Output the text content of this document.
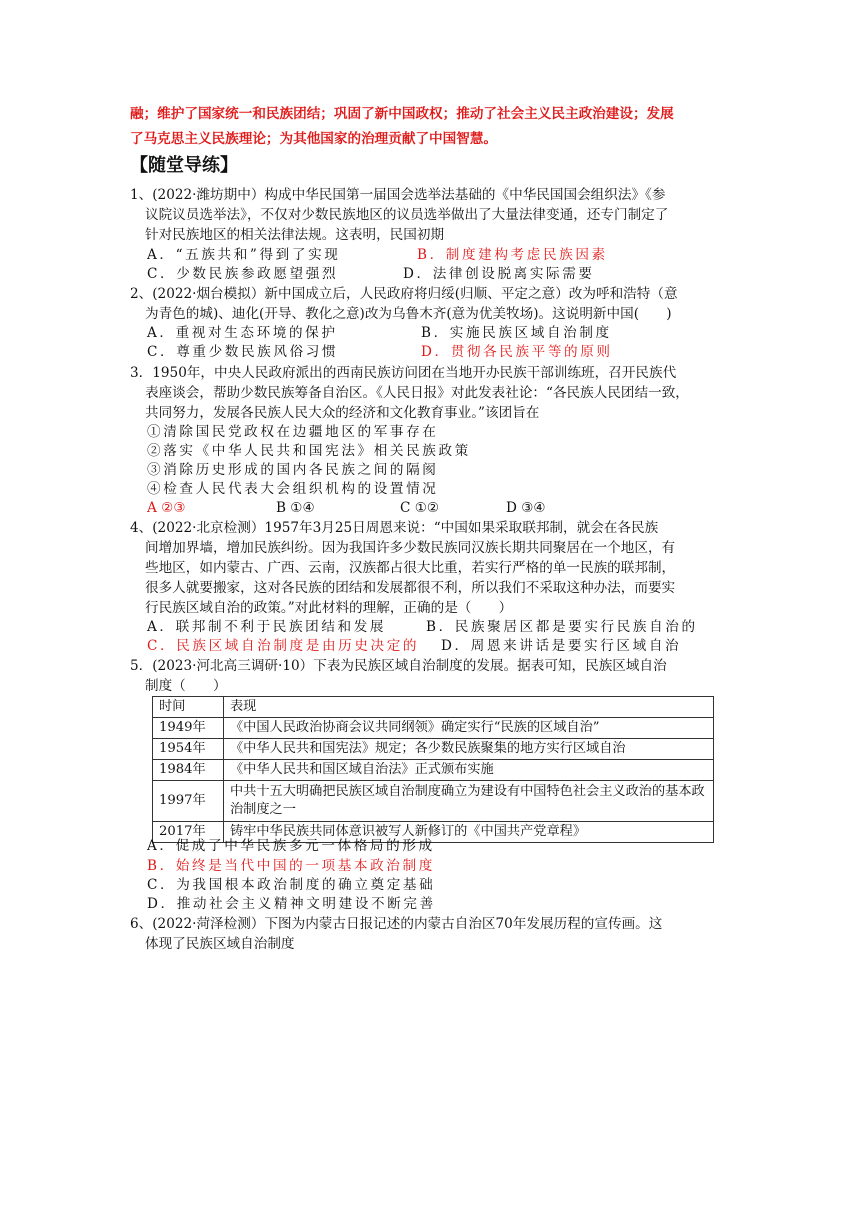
融；维护了国家统一和民族团结；巩固了新中国政权；推动了社会主义民主政治建设；发展
了马克思主义民族理论；为其他国家的治理贡献了中国智慧。
【随堂导练】
1、(2022·潍坊期中）构成中华民国第一届国会选举法基础的《中华民国国会组织法》《参
议院议员选举法》，不仅对少数民族地区的议员选举做出了大量法律变通，还专门制定了
针对民族地区的相关法律法规。这表明，民国初期
A．“五族共和”得到了实现	B．制度建构考虑民族因素
C．少数民族参政愿望强烈	D．法律创设脱离实际需要
2、(2022·烟台模拟）新中国成立后，人民政府将归绥(归顺、平定之意）改为呼和浩特（意
为青色的城)、迪化(开导、教化之意)改为乌鲁木齐(意为优美牧场)。这说明新中国(　　)
A．重视对生态环境的保护	B．实施民族区域自治制度
C．尊重少数民族风俗习惯	D．贯彻各民族平等的原则
3．1950年，中央人民政府派出的西南民族访问团在当地开办民族干部训练班，召开民族代
表座谈会，帮助少数民族筹备自治区。《人民日报》对此发表社论：“各民族人民团结一致，
共同努力，发展各民族人民大众的经济和文化教育事业。”该团旨在
①清除国民党政权在边疆地区的军事存在
②落实《中华人民共和国宪法》相关民族政策
③消除历史形成的国内各民族之间的隔阂
④检查人民代表大会组织机构的设置情况
A ②③	B ①④	C ①②	D ③④
4、(2022·北京检测）1957年3月25日周恩来说：“中国如果采取联邦制，就会在各民族
间增加界墙，增加民族纠纷。因为我国许多少数民族同汉族长期共同聚居在一个地区，有
些地区，如内蒙古、广西、云南，汉族都占很大比重，若实行严格的单一民族的联邦制，
很多人就要搬家，这对各民族的团结和发展都很不利，所以我们不采取这种办法，而要实
行民族区域自治的政策。”对此材料的理解，正确的是（　　）
A．联邦制不利于民族团结和发展	B．民族聚居区都是要实行民族自治的
C．民族区域自治制度是由历史决定的 D．周恩来讲话是要实行区域自治
5．(2023·河北高三调研·10）下表为民族区域自治制度的发展。据表可知，民族区域自治
制度（　　）
时间	表现
1949年	《中国人民政治协商会议共同纲领》确定实行“民族的区域自治”
1954年	《中华人民共和国宪法》规定；各少数民族聚集的地方实行区域自治
1984年	《中华人民共和国区域自治法》正式颁布实施
1997年	中共十五大明确把民族区域自治制度确立为建设有中国特色社会主义政治的基本政治制度之一
2017年	铸牢中华民族共同体意识被写人新修订的《中国共产党章程》
A．促成了中华民族多元一体格局的形成
B．始终是当代中国的一项基本政治制度
C．为我国根本政治制度的确立奠定基础
D．推动社会主义精神文明建设不断完善
6、(2022·菏泽检测）下图为内蒙古日报记述的内蒙古自治区70年发展历程的宣传画。这
体现了民族区域自治制度
